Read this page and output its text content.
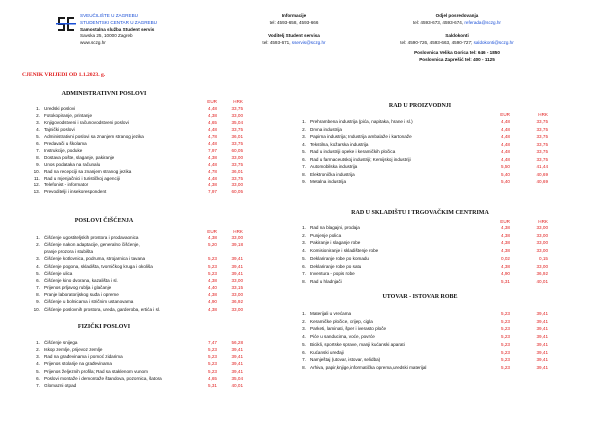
SVEUČILIŠTE U ZAGREBU
STUDENTSKI CENTAR U ZAGREBU
Samostalna služba Student servis
Savska 25, 10000 Zagreb
www.sczg.hr
Informacije
tel: 4593-658, 4593-666
Voditelj Student servisa
tel: 4593-671, sservis@sczg.hr
Odjel posredovanja
tel: 4593-673, 4593-674, referada@sczg.hr
Saldokonti
tel: 4590-726, 4593-663, 4590-727; saldokonti@sczg.hr
Poslovnica Velika Gorica tel: 646 - 1850
Poslovnica Zaprešić tel: 400 - 1125
CJENIK VRIJEDI OD 1.1.2023. g.
ADMINISTRATIVNI POSLOVI
EUR	HRK
1. Uredski poslovi	4,48	33,75
2. Fotokopiranje, printanje	4,38	33,00
3. Knjigovodstveni i računovodstveni poslovi	4,65	35,04
4. Tajnički poslovi	4,48	33,75
5. Administrativni poslovi sa znanjem stranog jezika	4,78	36,01
6. Predavači u školama	4,48	33,75
7. Instrukcije, poduke	7,97	60,05
8. Dostava pošte, slaganje, pakiranje	4,38	33,00
9. Unos podataka na računalu	4,48	33,75
10. Rad na recepciji sa znanjem stranog jezika	4,78	36,01
11. Rad u mjenjačnici i turističkoj agenciji	4,48	33,75
12. Telefonist - informator	4,38	33,00
13. Prevoditelji i insekorespondent	7,97	60,05
POSLOVI ČIŠĆENJA
EUR	HRK
1. Čišćenje ugostiteljskih prostora i prodavaonica	4,38	33,00
2. Čišćenje nakon adaptacije, generalno čišćenje,	5,20	39,18
pranje prozora i stubišta
3. Čišćenje kotlovnica, podruma, strojarnica i tavana	5,23	39,41
4. Čišćenje pogona, skladišta, tvorničkog kruga i okoliša	5,23	39,41
5. Čišćenje ulica	5,23	39,41
6. Čišćenje kino dvorana, kazališta i sl.	4,38	33,00
7. Prijenos prljavog rublja i glačanje	4,40	33,15
8. Pranje laboratorijskog suđa i opreme	4,38	33,00
9. Čišćenje u bolnicama i stričnim ustanovama	4,90	36,92
10. Čišćenje poslovnih prostora, ureda, garderoba, ertića i sl.	4,38	33,00
FIZIČKI POSLOVI
1. Čišćenje snijega	7,47	56,28
2. Iskop zemlje, prijevoz zemlje	5,23	39,41
3. Rad na građevinama i pomoć zidarima	5,23	39,41
4. Prijenos stolarije na građevinama	5,23	39,41
5. Prijenos željeznih profila; Rad sa staklenom vunom	5,23	39,41
6. Poslovi montaže i demontaže štandova, pozornica, šatora	4,65	35,04
7. Glomazni otpad	5,31	40,01
RAD U PROIZVODNJI
EUR	HRK
1. Prehrambena industrija (pića, napitaka, hrane i sl.)	4,48	33,75
2. Drvna industrija	4,48	33,75
3. Papirna industrija; Industrija ambalaže i kartonaže	4,48	33,75
4. Tekstilna, kožarska industrija	4,48	33,75
5. Rad u industriji opeke i keramičkih pločica	4,48	33,75
6. Rad u farmaceutskoj industriji; Kemijskoj industriji	4,48	33,75
7. Automobilska industrija	5,50	41,44
8. Elektronička industrija	5,40	40,69
9. Metalna industrija	5,40	40,69
RAD U SKLADIŠTU I TRGOVAČKIM CENTRIMA
EUR	HRK
1. Rad na blagajni, prodaja	4,38	33,00
2. Punjenje polica	4,38	33,00
3. Pakiranje i slaganje robe	4,38	33,00
4. Komisioniranje i skladištenje robe	4,38	33,00
5. Deklariranje robe po komadu	0,02	0,15
6. Deklariranje robe po satu	4,38	33,00
7. Inventura - popis robe	4,90	36,92
8. Rad u hladnjači	5,31	40,01
UTOVAR - ISTOVAR ROBE
1. Materijali u vrećama	5,23	39,41
2. Keramičke pločice, crijep, cigla	5,23	39,41
3. Parketi, laminati, šper i iverasto pločе	5,23	39,41
4. Piće u sanducima, voće, povrće	5,23	39,41
5. Bicikli, sportske sprave, manji kućanski aparati	5,23	39,41
6. Kućanski uređaji	5,23	39,41
7. Namještaj (utovar, istovar, selidba)	5,23	39,41
8. Arhiva, papir,knjige,informatička oprema,uredski materijal	5,23	39,41
